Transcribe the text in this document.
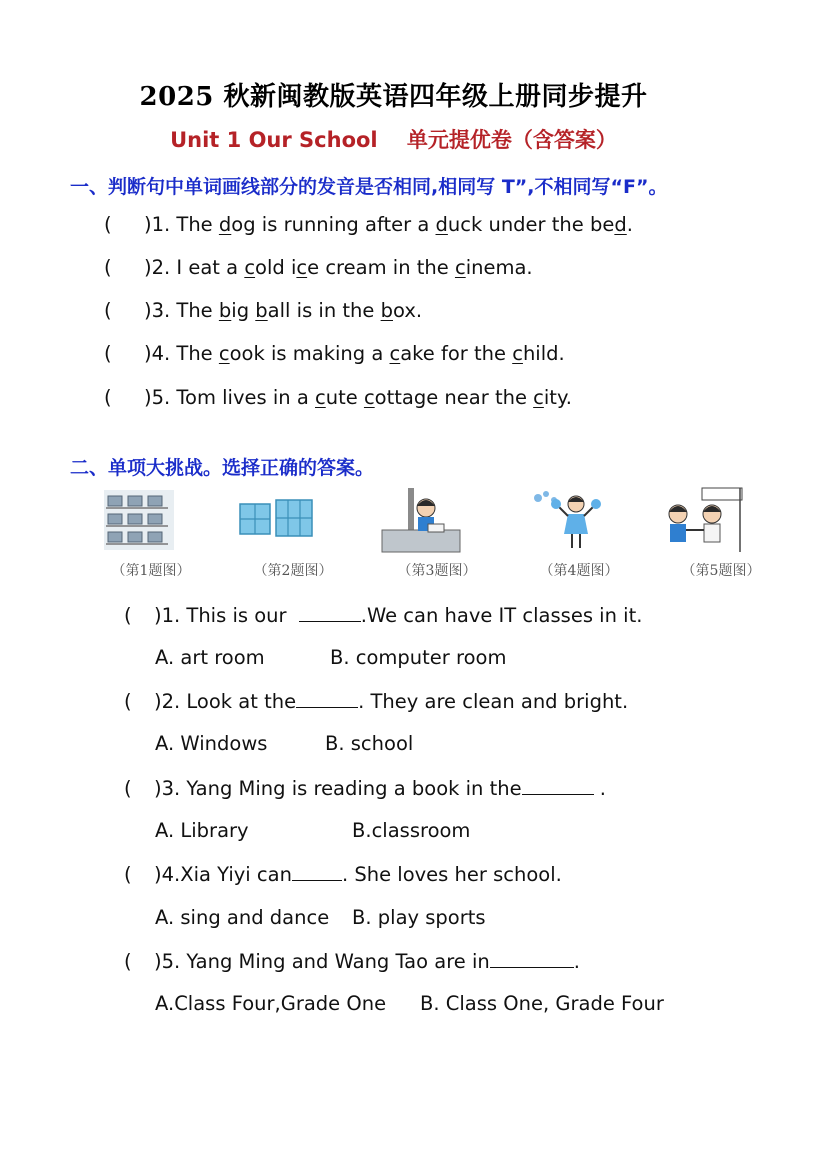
2025 秋新闽教版英语四年级上册同步提升
Unit 1 Our School    单元提优卷（含答案）
一、判断句中单词画线部分的发音是否相同,相同写 T”,不相同写“F”。
( )1. The dog is running after a duck under the bed.
( )2. I eat a cold ice cream in the cinema.
( )3. The big ball is in the box.
( )4. The cook is making a cake for the child.
( )5. Tom lives in a cute cottage near the city.
二、单项大挑战。选择正确的答案。
（第1题图）	（第2题图）	（第3题图）	（第4题图）	（第5题图）
( )1. This is our	.We can have IT classes in it.
A. art room	B. computer room
( )2. Look at the	. They are clean and bright.
A. Windows	B. school
( )3. Yang Ming is reading a book in the	.
A. Library	B.classroom
( )4.Xia Yiyi can	. She loves her school.
A. sing and dance B. play sports
( )5. Yang Ming and Wang Tao are in	.
A.Class Four,Grade One B. Class One, Grade Four
